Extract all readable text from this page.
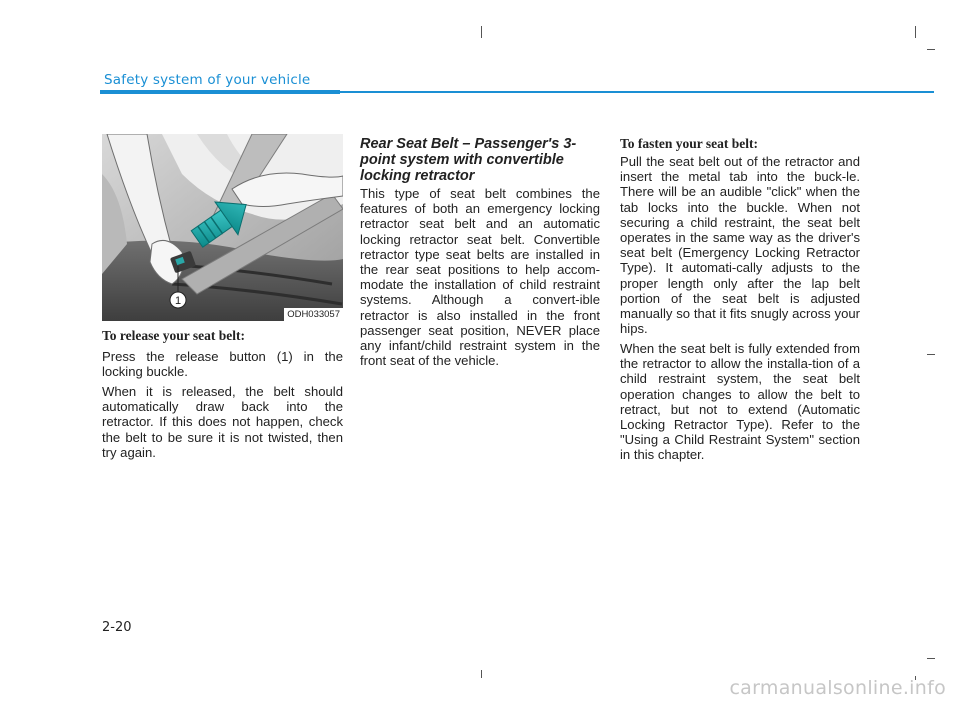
Safety system of your vehicle
1
ODH033057
To release your seat belt:
Press the release button (1) in the locking buckle.
When it is released, the belt should automatically draw back into the retractor. If this does not happen, check the belt to be sure it is not twisted, then try again.
Rear Seat Belt – Passenger's 3-point system with convertible locking retractor
This type of seat belt combines the features of both an emergency locking retractor seat belt and an automatic locking retractor seat belt. Convertible retractor type seat belts are installed in the rear seat positions to help accom-modate the installation of child restraint systems. Although a convert-ible retractor is also installed in the front passenger seat position, NEVER place any infant/child restraint system in the front seat of the vehicle.
To fasten your seat belt:
Pull the seat belt out of the retractor and insert the metal tab into the buck-le. There will be an audible "click" when the tab locks into the buckle. When not securing a child restraint, the seat belt operates in the same way as the driver's seat belt (Emergency Locking Retractor Type). It automati-cally adjusts to the proper length only after the lap belt portion of the seat belt is adjusted manually so that it fits snugly across your hips.
When the seat belt is fully extended from the retractor to allow the installa-tion of a child restraint system, the seat belt operation changes to allow the belt to retract, but not to extend (Automatic Locking Retractor Type). Refer to the "Using a Child Restraint System" section in this chapter.
2-20
carmanualsonline.info
